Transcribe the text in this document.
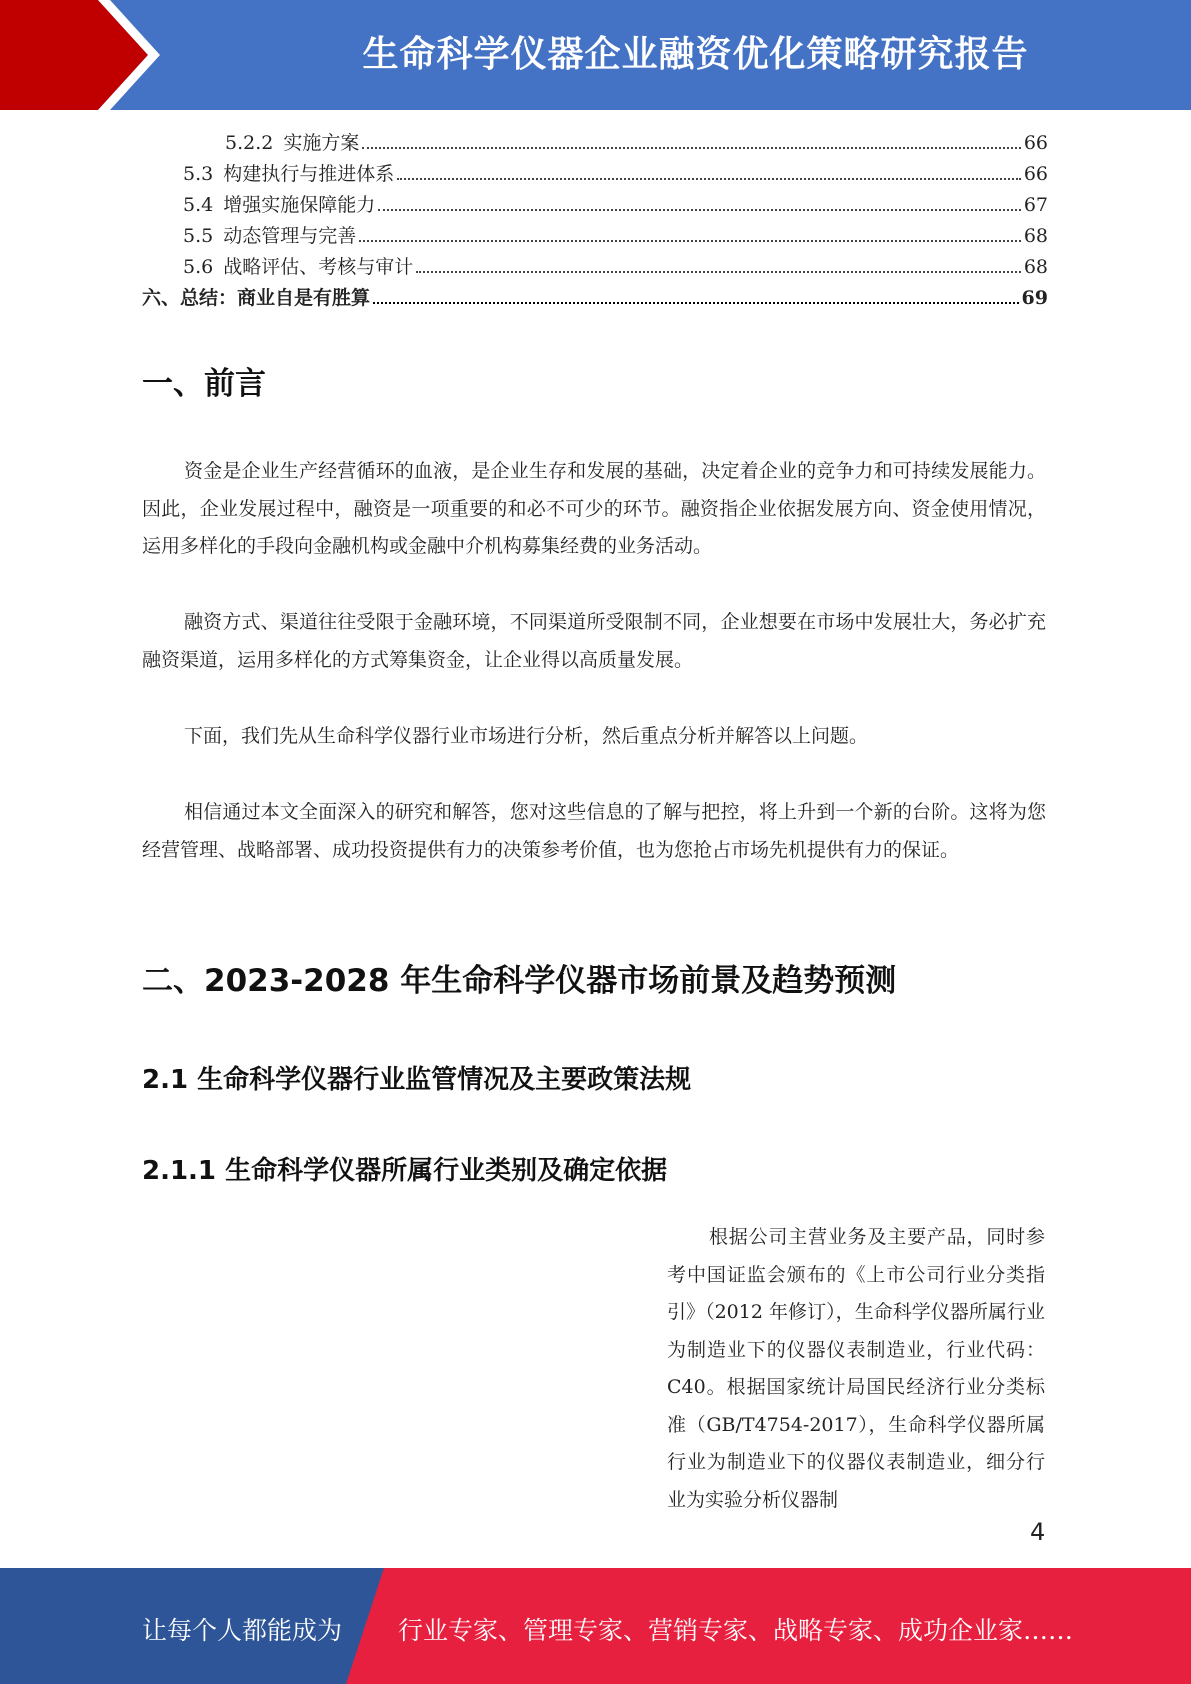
生命科学仪器企业融资优化策略研究报告
5.2.2 实施方案	66
5.3 构建执行与推进体系	66
5.4 增强实施保障能力	67
5.5 动态管理与完善	68
5.6 战略评估、考核与审计	68
六、总结：商业自是有胜算	69
一、前言
资金是企业生产经营循环的血液，是企业生存和发展的基础，决定着企业的竞争力和可持续发展能力。因此，企业发展过程中，融资是一项重要的和必不可少的环节。融资指企业依据发展方向、资金使用情况，运用多样化的手段向金融机构或金融中介机构募集经费的业务活动。
融资方式、渠道往往受限于金融环境，不同渠道所受限制不同，企业想要在市场中发展壮大，务必扩充融资渠道，运用多样化的方式筹集资金，让企业得以高质量发展。
下面，我们先从生命科学仪器行业市场进行分析，然后重点分析并解答以上问题。
相信通过本文全面深入的研究和解答，您对这些信息的了解与把控，将上升到一个新的台阶。这将为您经营管理、战略部署、成功投资提供有力的决策参考价值，也为您抢占市场先机提供有力的保证。
二、2023-2028 年生命科学仪器市场前景及趋势预测
2.1 生命科学仪器行业监管情况及主要政策法规
2.1.1 生命科学仪器所属行业类别及确定依据
根据公司主营业务及主要产品，同时参考中国证监会颁布的《上市公司行业分类指引》（2012 年修订），生命科学仪器所属行业为制造业下的仪器仪表制造业，行业代码：C40。根据国家统计局国民经济行业分类标准（GB/T4754-2017），生命科学仪器所属行业为制造业下的仪器仪表制造业，细分行业为实验分析仪器制
4
让每个人都能成为 行业专家、管理专家、营销专家、战略专家、成功企业家……
